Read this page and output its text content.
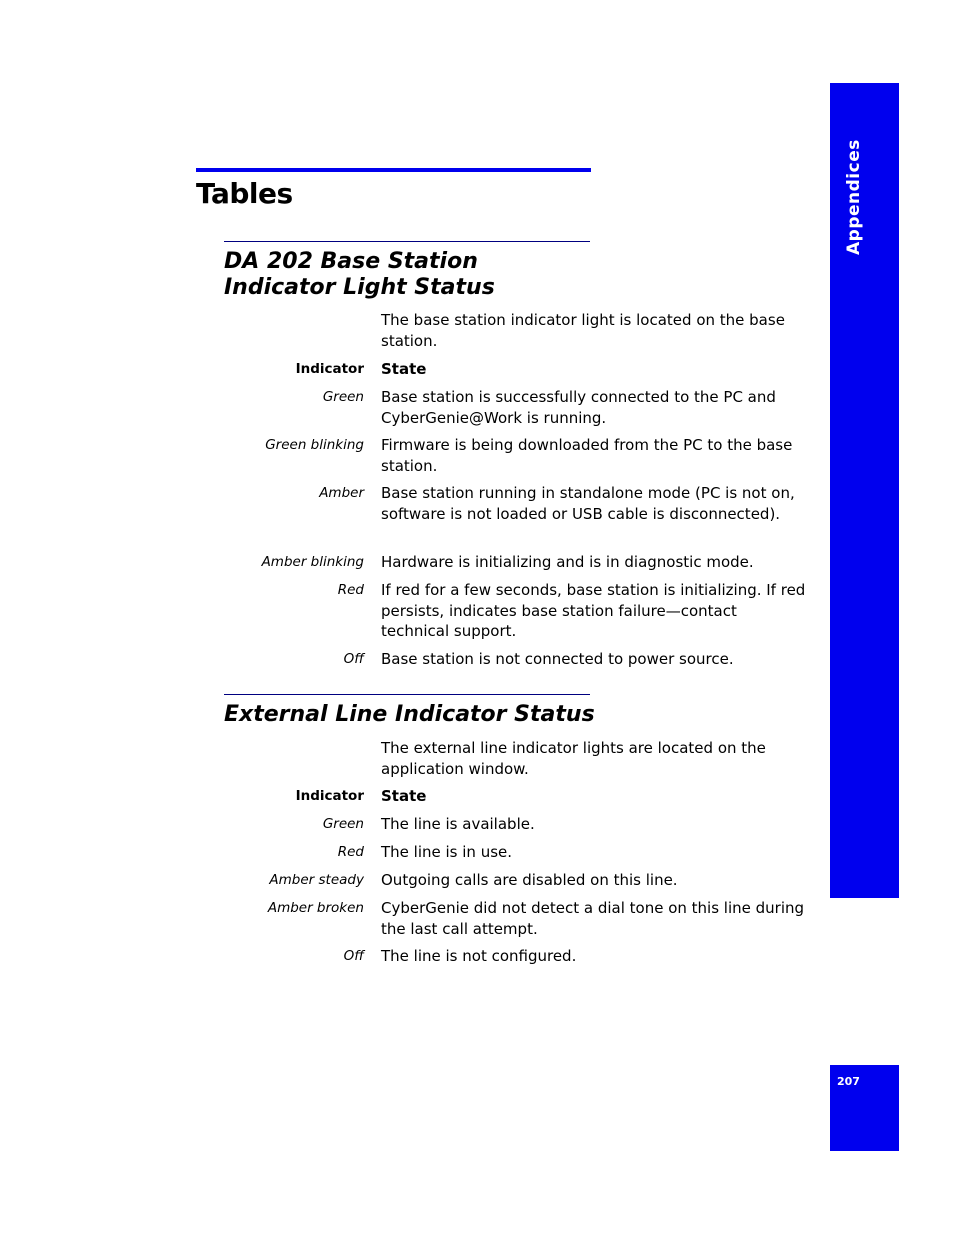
Appendices
207
Tables
DA 202 Base Station
Indicator Light Status

The base station indicator light is located on the base station.

Indicator State
Green Base station is successfully connected to the PC and CyberGenie@Work is running.
Green blinking Firmware is being downloaded from the PC to the base station.
Amber Base station running in standalone mode (PC is not on, software is not loaded or USB cable is disconnected).
Amber blinking Hardware is initializing and is in diagnostic mode.
Red If red for a few seconds, base station is initializing. If red persists, indicates base station failure—contact technical support.
Off Base station is not connected to power source.
External Line Indicator Status

The external line indicator lights are located on the application window.

Indicator State
Green The line is available.
Red The line is in use.
Amber steady Outgoing calls are disabled on this line.
Amber broken CyberGenie did not detect a dial tone on this line during the last call attempt.
Off The line is not configured.
